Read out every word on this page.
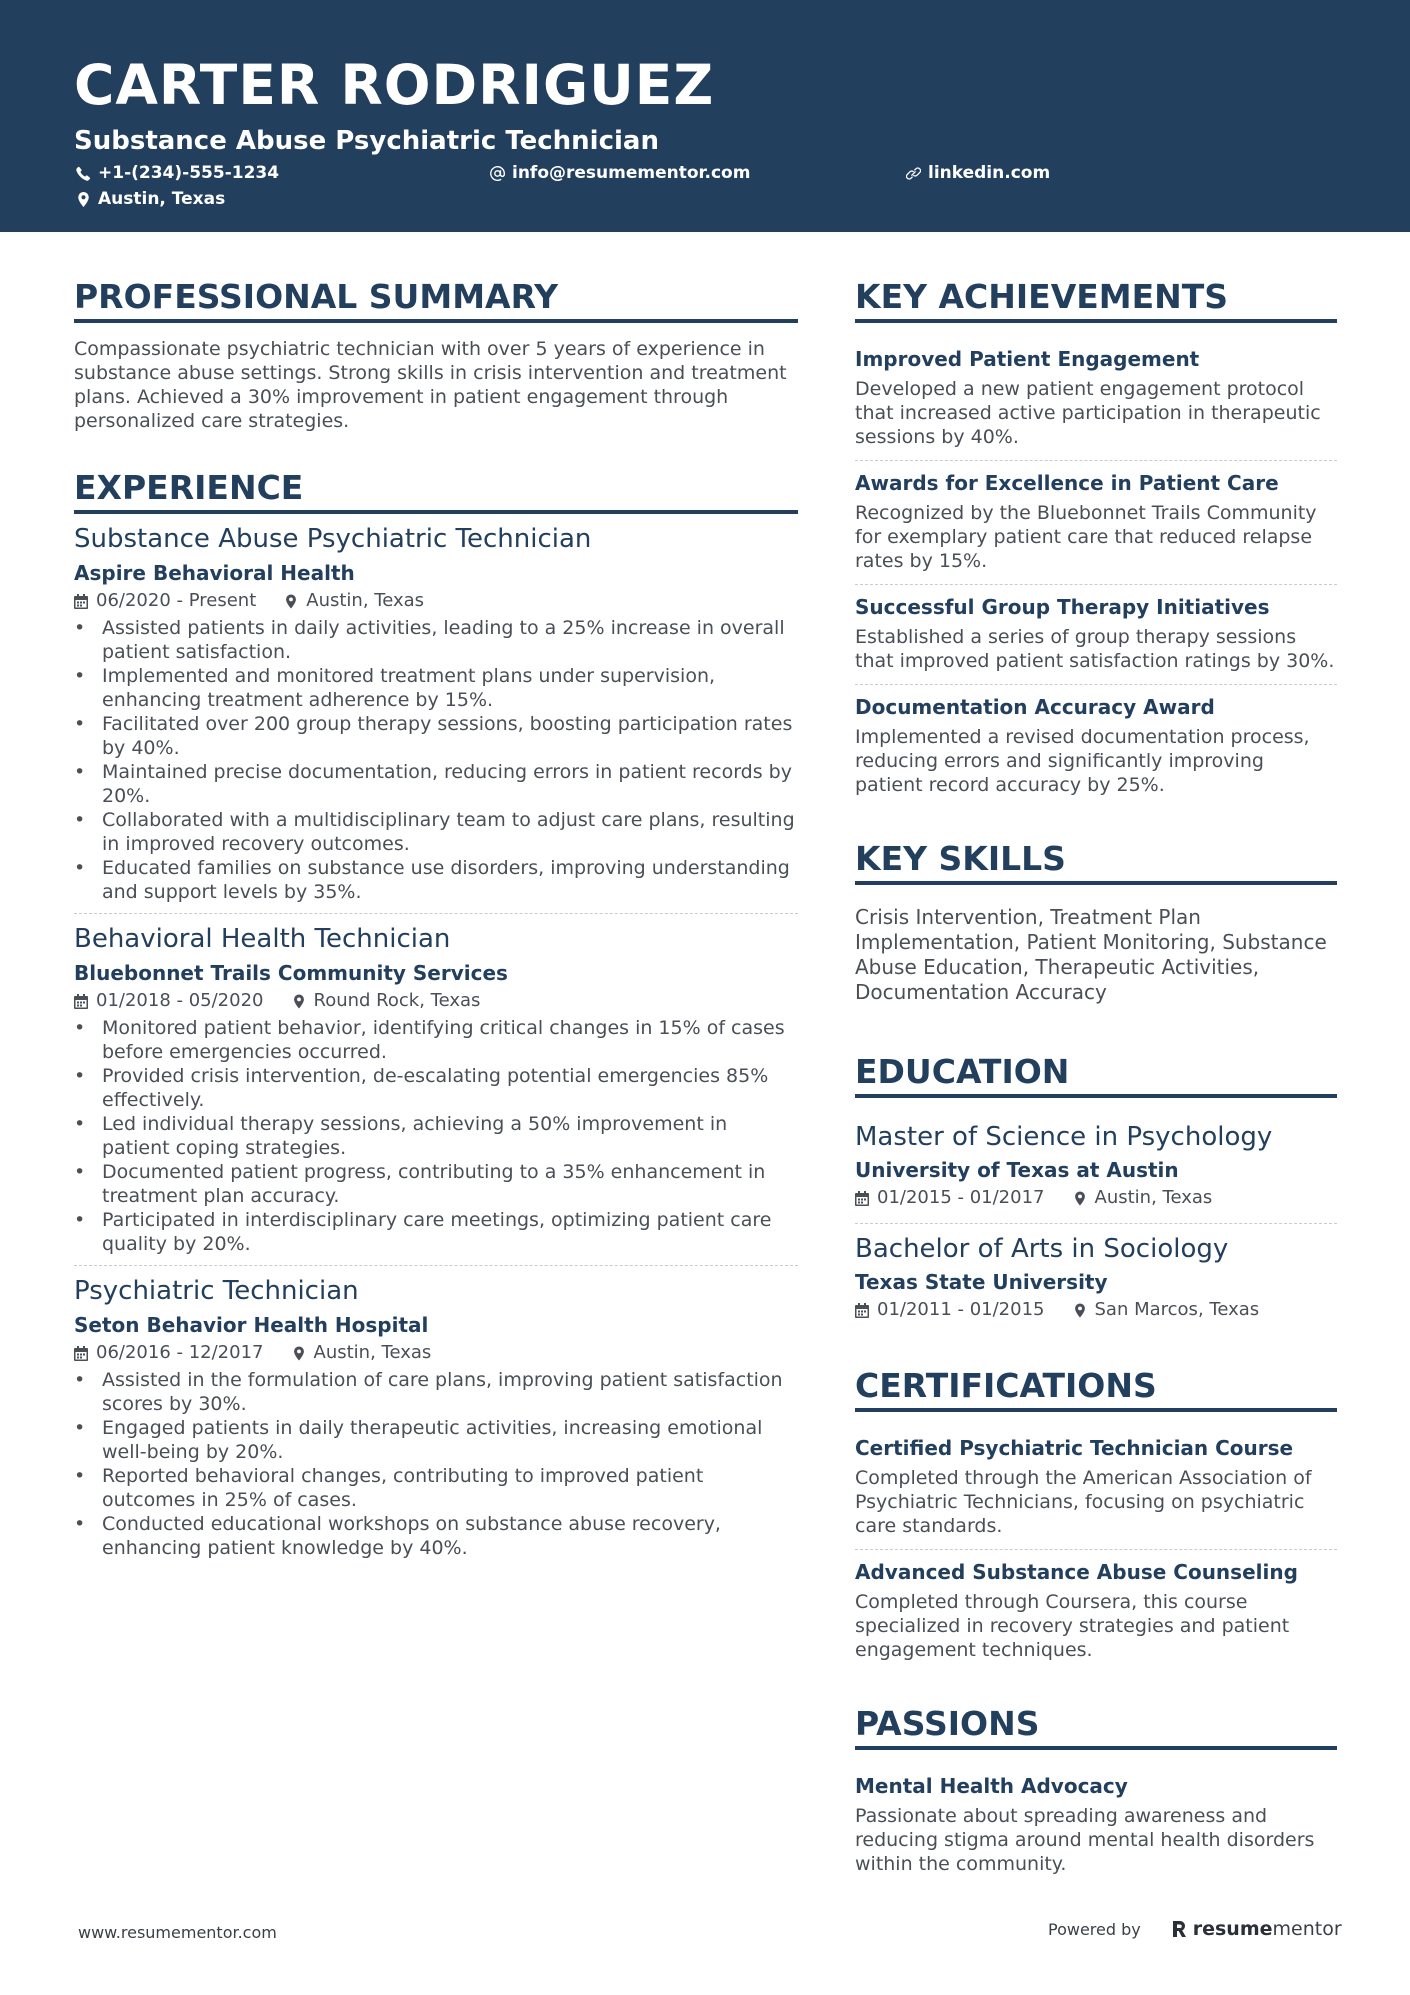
CARTER RODRIGUEZ
Substance Abuse Psychiatric Technician
+1-(234)-555-1234	info@resumementor.com	linkedin.com
Austin, Texas
PROFESSIONAL SUMMARY
Compassionate psychiatric technician with over 5 years of experience in substance abuse settings. Strong skills in crisis intervention and treatment plans. Achieved a 30% improvement in patient engagement through personalized care strategies.
EXPERIENCE
Substance Abuse Psychiatric Technician
Aspire Behavioral Health
06/2020 - Present	Austin, Texas
• Assisted patients in daily activities, leading to a 25% increase in overall patient satisfaction.
• Implemented and monitored treatment plans under supervision, enhancing treatment adherence by 15%.
• Facilitated over 200 group therapy sessions, boosting participation rates by 40%.
• Maintained precise documentation, reducing errors in patient records by 20%.
• Collaborated with a multidisciplinary team to adjust care plans, resulting in improved recovery outcomes.
• Educated families on substance use disorders, improving understanding and support levels by 35%.
Behavioral Health Technician
Bluebonnet Trails Community Services
01/2018 - 05/2020	Round Rock, Texas
• Monitored patient behavior, identifying critical changes in 15% of cases before emergencies occurred.
• Provided crisis intervention, de-escalating potential emergencies 85% effectively.
• Led individual therapy sessions, achieving a 50% improvement in patient coping strategies.
• Documented patient progress, contributing to a 35% enhancement in treatment plan accuracy.
• Participated in interdisciplinary care meetings, optimizing patient care quality by 20%.
Psychiatric Technician
Seton Behavior Health Hospital
06/2016 - 12/2017	Austin, Texas
• Assisted in the formulation of care plans, improving patient satisfaction scores by 30%.
• Engaged patients in daily therapeutic activities, increasing emotional well-being by 20%.
• Reported behavioral changes, contributing to improved patient outcomes in 25% of cases.
• Conducted educational workshops on substance abuse recovery, enhancing patient knowledge by 40%.
KEY ACHIEVEMENTS
Improved Patient Engagement
Developed a new patient engagement protocol that increased active participation in therapeutic sessions by 40%.
Awards for Excellence in Patient Care
Recognized by the Bluebonnet Trails Community for exemplary patient care that reduced relapse rates by 15%.
Successful Group Therapy Initiatives
Established a series of group therapy sessions that improved patient satisfaction ratings by 30%.
Documentation Accuracy Award
Implemented a revised documentation process, reducing errors and significantly improving patient record accuracy by 25%.
KEY SKILLS
Crisis Intervention, Treatment Plan Implementation, Patient Monitoring, Substance Abuse Education, Therapeutic Activities, Documentation Accuracy
EDUCATION
Master of Science in Psychology
University of Texas at Austin
01/2015 - 01/2017	Austin, Texas
Bachelor of Arts in Sociology
Texas State University
01/2011 - 01/2015	San Marcos, Texas
CERTIFICATIONS
Certified Psychiatric Technician Course
Completed through the American Association of Psychiatric Technicians, focusing on psychiatric care standards.
Advanced Substance Abuse Counseling
Completed through Coursera, this course specialized in recovery strategies and patient engagement techniques.
PASSIONS
Mental Health Advocacy
Passionate about spreading awareness and reducing stigma around mental health disorders within the community.
www.resumementor.com	Powered by	resumementor
